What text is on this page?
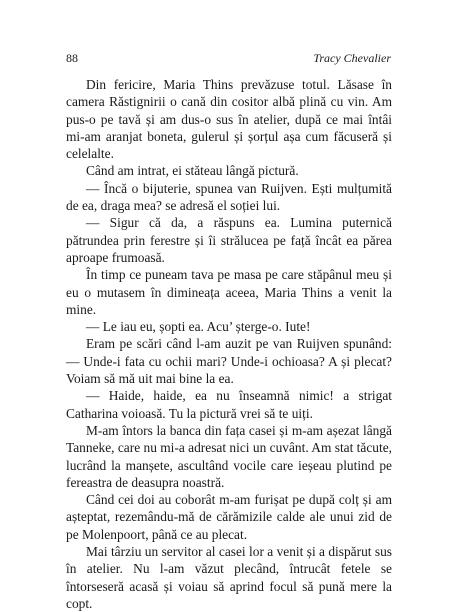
88	Tracy Chevalier

Din fericire, Maria Thins prevăzuse totul. Lăsase în camera Răstignirii o cană din cositor albă plină cu vin. Am pus-o pe tavă și am dus-o sus în atelier, după ce mai întâi mi-am aranjat boneta, gulerul și șorțul așa cum făcuseră și celelalte.

Când am intrat, ei stăteau lângă pictură.

— Încă o bijuterie, spunea van Ruijven. Ești mulțumită de ea, draga mea? se adresă el soției lui.

— Sigur că da, a răspuns ea. Lumina puternică pătrundea prin ferestre și îi strălucea pe față încât ea părea aproape frumoasă.

În timp ce puneam tava pe masa pe care stăpânul meu și eu o mutasem în dimineața aceea, Maria Thins a venit la mine.

— Le iau eu, șopti ea. Acu’ șterge-o. Iute!

Eram pe scări când l-am auzit pe van Ruijven spunând: — Unde-i fata cu ochii mari? Unde-i ochioasa? A și plecat? Voiam să mă uit mai bine la ea.

— Haide, haide, ea nu înseamnă nimic! a strigat Catharina voioasă. Tu la pictură vrei să te uiți.

M-am întors la banca din fața casei și m-am așezat lângă Tanneke, care nu mi-a adresat nici un cuvânt. Am stat tăcute, lucrând la manșete, ascultând vocile care ieșeau plutind pe fereastra de deasupra noastră.

Când cei doi au coborât m-am furișat pe după colț și am așteptat, rezemându-mă de cărămizile calde ale unui zid de pe Molenpoort, până ce au plecat.

Mai târziu un servitor al casei lor a venit și a dispărut sus în atelier. Nu l-am văzut plecând, întrucât fetele se întorseseră acasă și voiau să aprind focul să pună mere la copt.
